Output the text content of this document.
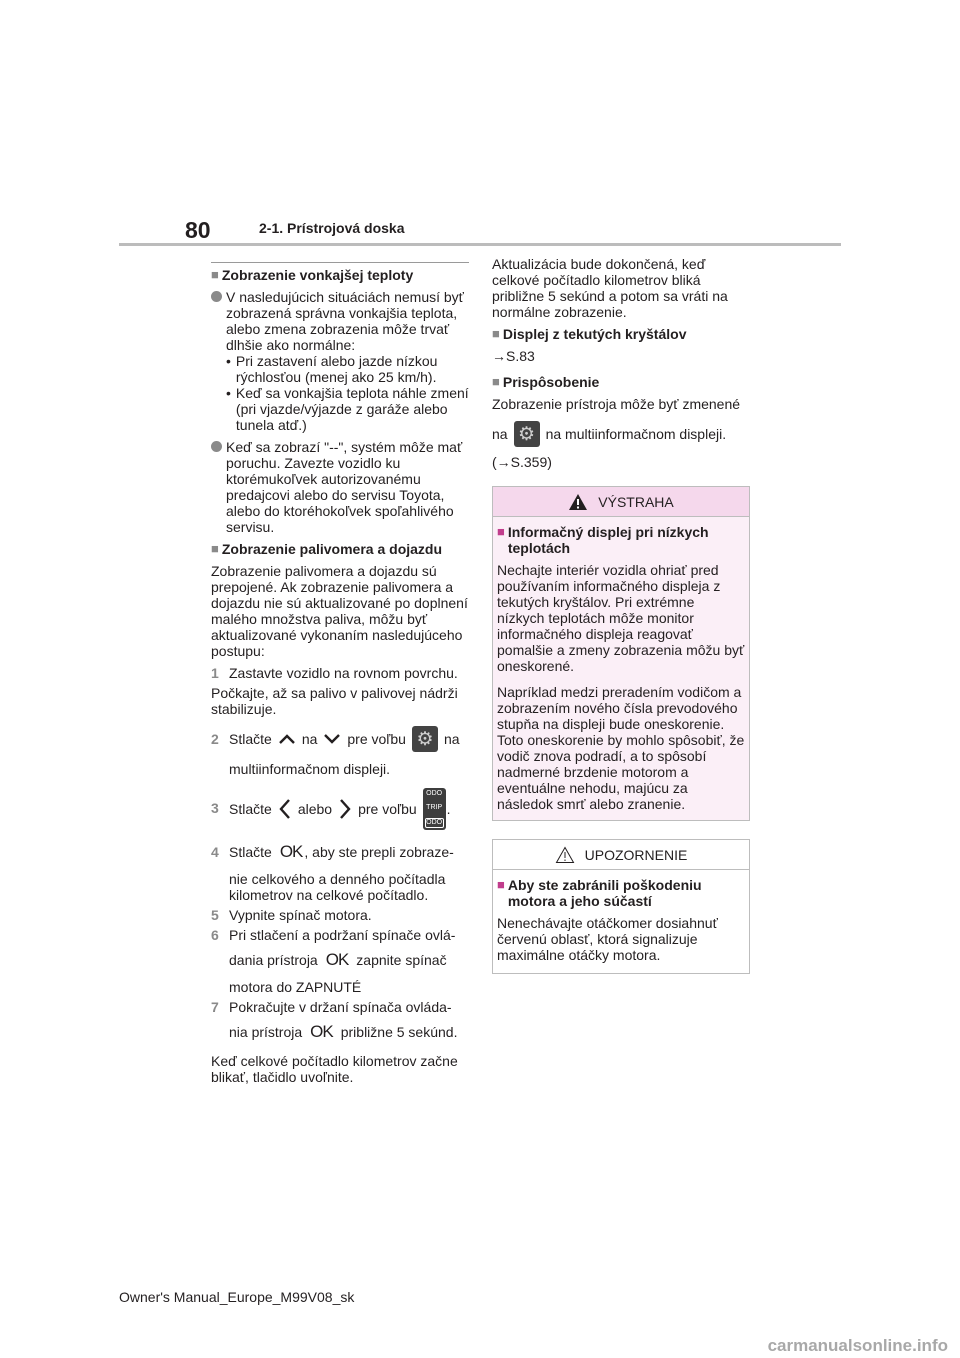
80	2-1. Prístrojová doska
■ Zobrazenie vonkajšej teploty
V nasledujúcich situáciách nemusí byť zobrazená správna vonkajšia teplota, alebo zmena zobrazenia môže trvať dlhšie ako normálne:
• Pri zastavení alebo jazde nízkou rýchlosťou (menej ako 25 km/h).
• Keď sa vonkajšia teplota náhle zmení (pri vjazde/výjazde z garáže alebo tunela atď.)
Keď sa zobrazí "--", systém môže mať poruchu. Zavezte vozidlo ku ktorémukoľvek autorizovanému predajcovi alebo do servisu Toyota, alebo do ktoréhokoľvek spoľahlivého servisu.
■ Zobrazenie palivomera a dojazdu
Zobrazenie palivomera a dojazdu sú prepojené. Ak zobrazenie palivomera a dojazdu nie sú aktualizované po doplnení malého množstva paliva, môžu byť aktualizované vykonaním nasledujúceho postupu:
1 Zastavte vozidlo na rovnom povrchu.
Počkajte, až sa palivo v palivovej nádrži stabilizuje.
2 Stlačte na pre voľbu ⚙ na
multiinformačnom displeji.
3 Stlačte alebo pre voľbu
ODO
TRIP
ODO
.
4 Stlačte OK , aby ste prepli zobraze-
nie celkového a denného počítadla kilometrov na celkové počítadlo.
5 Vypnite spínač motora.
6 Pri stlačení a podržaní spínače ovlá-
dania prístroja OK zapnite spínač
motora do ZAPNUTÉ
7 Pokračujte v držaní spínača ovláda-
nia prístroja OK približne 5 sekúnd.
Keď celkové počítadlo kilometrov začne blikať, tlačidlo uvoľnite.
Aktualizácia bude dokončená, keď celkové počítadlo kilometrov bliká približne 5 sekúnd a potom sa vráti na normálne zobrazenie.
■ Displej z tekutých kryštálov
→S.83
■ Prispôsobenie
Zobrazenie prístroja môže byť zmenené
na ⚙ na multiinformačnom displeji.
(→S.359)
VÝSTRAHA
■ Informačný displej pri nízkych teplotách
Nechajte interiér vozidla ohriať pred používaním informačného displeja z tekutých kryštálov. Pri extrémne nízkych teplotách môže monitor informačného displeja reagovať pomalšie a zmeny zobrazenia môžu byť oneskorené.
Napríklad medzi preradením vodičom a zobrazením nového čísla prevodového stupňa na displeji bude oneskorenie. Toto oneskorenie by mohlo spôsobiť, že vodič znova podradí, a to spôsobí nadmerné brzdenie motorom a eventuálne nehodu, majúcu za následok smrť alebo zranenie.
UPOZORNENIE
■ Aby ste zabránili poškodeniu motora a jeho súčastí
Nenechávajte otáčkomer dosiahnuť červenú oblasť, ktorá signalizuje maximálne otáčky motora.
Owner's Manual_Europe_M99V08_sk
carmanualsonline.info
